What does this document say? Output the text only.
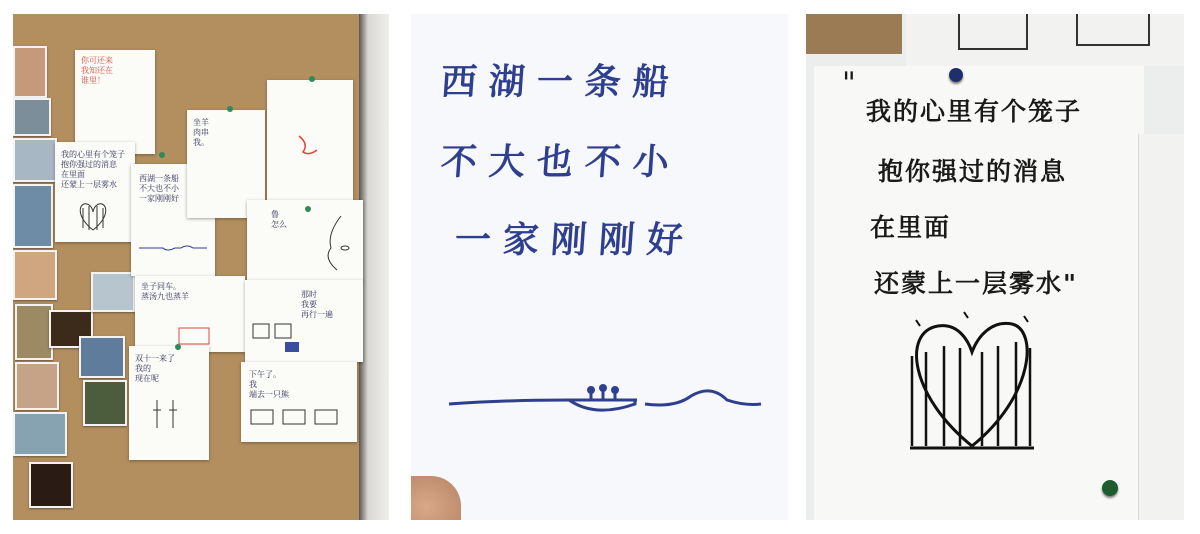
你可还来
我知还在
谁里！
我的心里有个笼子
抱你强过的消息
在里面
还蒙上一层雾水
西湖一条船
不大也不小
一家刚刚好
坐羊
肉串
我。
鲁
怎么
坐子同车。
蒸汤九也蒸羊	那时
我要
再行一遍
双十一来了
我的
现在呢	下午了。
我
端去一只熊
西湖一条船
不大也不小
一家刚刚好
"
我的心里有个笼子
抱你强过的消息
在里面
还蒙上一层雾水"
